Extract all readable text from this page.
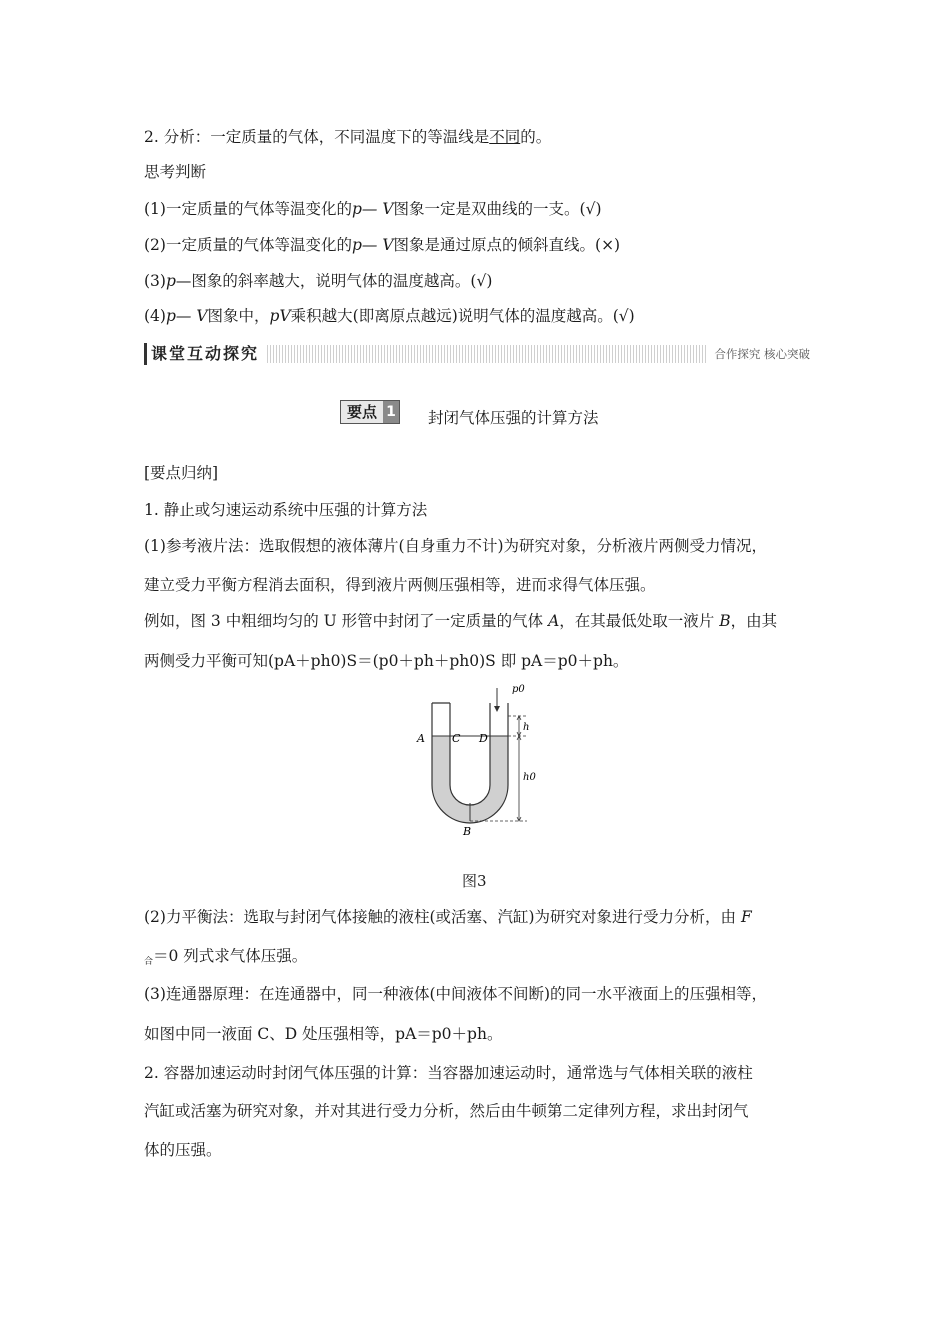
2. 分析：一定质量的气体，不同温度下的等温线是不同的。
思考判断
(1)一定质量的气体等温变化的p— V图象一定是双曲线的一支。(√)
(2)一定质量的气体等温变化的p— V图象是通过原点的倾斜直线。(×)
(3)p—图象的斜率越大，说明气体的温度越高。(√)
(4)p— V图象中，pV乘积越大(即离原点越远)说明气体的温度越高。(√)
课堂互动探究	合作探究 核心突破
要点 1 封闭气体压强的计算方法
[要点归纳]
1. 静止或匀速运动系统中压强的计算方法
(1)参考液片法：选取假想的液体薄片(自身重力不计)为研究对象，分析液片两侧受力情况，
建立受力平衡方程消去面积，得到液片两侧压强相等，进而求得气体压强。
例如，图 3 中粗细均匀的 U 形管中封闭了一定质量的气体 A，在其最低处取一液片 B，由其
两侧受力平衡可知(pA＋ph0)S＝(p0＋ph＋ph0)S 即 pA＝p0＋ph。
p0
h
h0
A C D
B
图3
(2)力平衡法：选取与封闭气体接触的液柱(或活塞、汽缸)为研究对象进行受力分析，由 F
$_合$＝0 列式求气体压强。
(3)连通器原理：在连通器中，同一种液体(中间液体不间断)的同一水平液面上的压强相等，
如图中同一液面 C、D 处压强相等，pA＝p0＋ph。
2. 容器加速运动时封闭气体压强的计算：当容器加速运动时，通常选与气体相关联的液柱
汽缸或活塞为研究对象，并对其进行受力分析，然后由牛顿第二定律列方程，求出封闭气
体的压强。
